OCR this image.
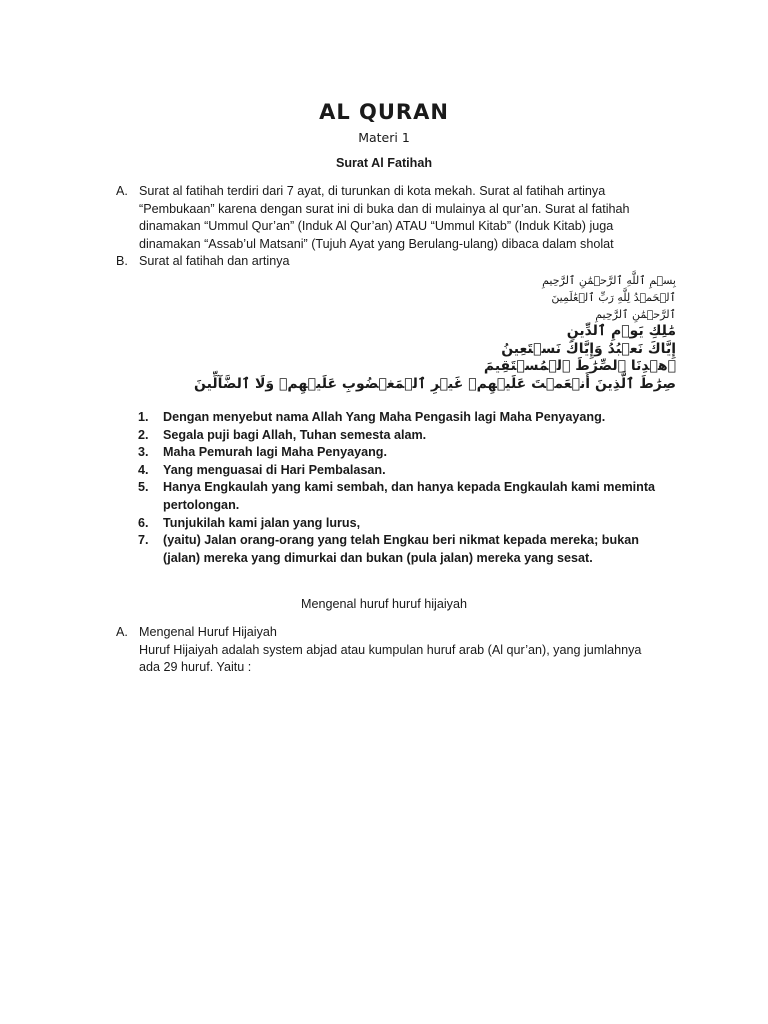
AL QURAN

Materi 1

Surat Al Fatihah

A. Surat al fatihah terdiri dari 7 ayat, di turunkan di kota mekah. Surat al fatihah artinya “Pembukaan” karena dengan surat ini di buka dan di mulainya al qur’an. Surat al fatihah dinamakan “Ummul Qur’an” (Induk Al Qur’an) ATAU “Ummul Kitab” (Induk Kitab) juga dinamakan “Assab’ul Matsani” (Tujuh Ayat yang Berulang-ulang) dibaca dalam sholat
B. Surat al fatihah dan artinya

بِسۡمِ ٱللَّهِ ٱلرَّحۡمَٰنِ ٱلرَّحِيمِ

ٱلۡحَمۡدُ لِلَّهِ رَبِّ ٱلۡعَٰلَمِينَ

ٱلرَّحۡمَٰنِ ٱلرَّحِيمِ

مَٰلِكِ يَوۡمِ ٱلدِّينِ

إِيَّاكَ نَعۡبُدُ وَإِيَّاكَ نَسۡتَعِينُ

ٱهۡدِنَا ٱلصِّرَٰطَ ٱلۡمُسۡتَقِيمَ

صِرَٰطَ ٱلَّذِينَ أَنۡعَمۡتَ عَلَيۡهِمۡ غَيۡرِ ٱلۡمَغۡضُوبِ عَلَيۡهِمۡ وَلَا ٱلضَّآلِّينَ

1. Dengan menyebut nama Allah Yang Maha Pengasih lagi Maha Penyayang.
2. Segala puji bagi Allah, Tuhan semesta alam.
3. Maha Pemurah lagi Maha Penyayang.
4. Yang menguasai di Hari Pembalasan.
5. Hanya Engkaulah yang kami sembah, dan hanya kepada Engkaulah kami meminta pertolongan.
6. Tunjukilah kami jalan yang lurus,
7. (yaitu) Jalan orang-orang yang telah Engkau beri nikmat kepada mereka; bukan (jalan) mereka yang dimurkai dan bukan (pula jalan) mereka yang sesat.

Mengenal huruf huruf hijaiyah

A. Mengenal Huruf Hijaiyah
Huruf Hijaiyah adalah system abjad atau kumpulan huruf arab (Al qur’an), yang jumlahnya ada 29 huruf. Yaitu :
